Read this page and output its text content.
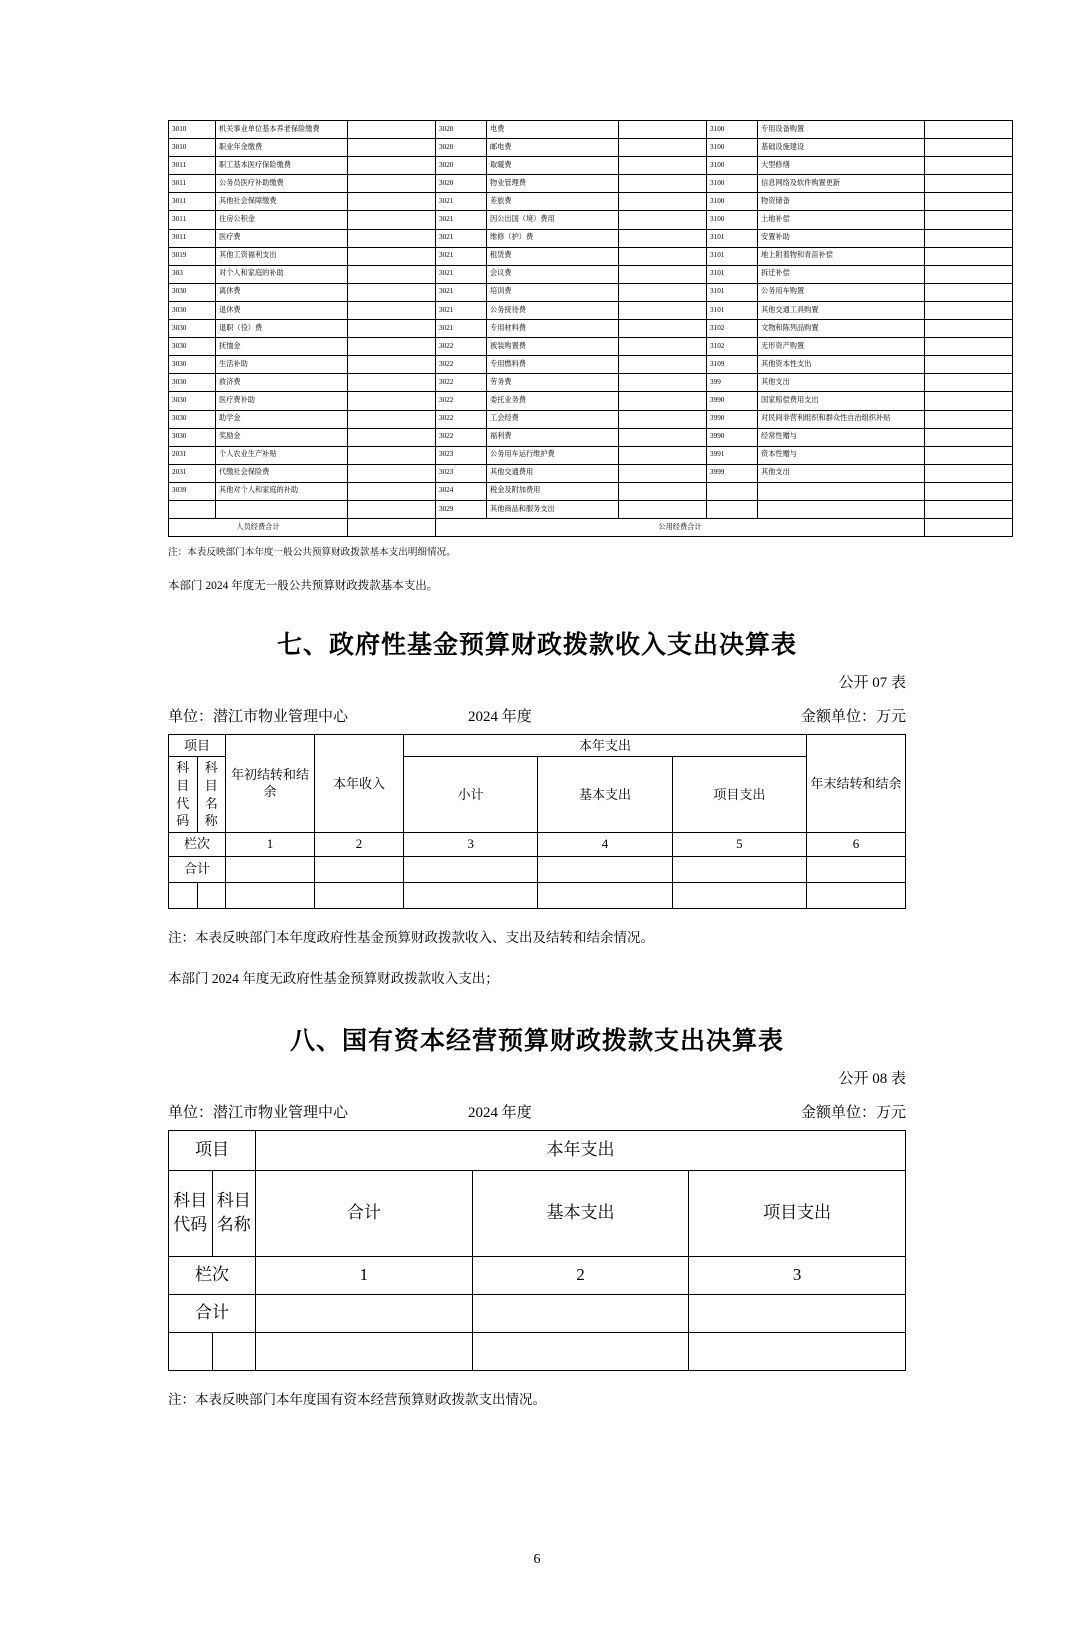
3010	机关事业单位基本养老保险缴费		3020	电费		3100	专用设备购置	
3010	职业年金缴费		3020	邮电费		3100	基础设施建设	
3011	职工基本医疗保险缴费		3020	取暖费		3100	大型修缮	
3011	公务员医疗补助缴费		3020	物业管理费		3100	信息网络及软件购置更新	
3011	其他社会保障缴费		3021	差旅费		3100	物资储备	
3011	住房公积金		3021	因公出国（境）费用		3100	土地补偿	
3011	医疗费		3021	维修（护）费		3101	安置补助	
3019	其他工资福利支出		3021	租赁费		3101	地上附着物和青苗补偿	
303	对个人和家庭的补助		3021	会议费		3101	拆迁补偿	
3030	离休费		3021	培训费		3101	公务用车购置	
3030	退休费		3021	公务接待费		3101	其他交通工具购置	
3030	退职（役）费		3021	专用材料费		3102	文物和陈列品购置	
3030	抚恤金		3022	被装购置费		3102	无形资产购置	
3030	生活补助		3022	专用燃料费		3109	其他资本性支出	
3030	救济费		3022	劳务费		399	其他支出	
3030	医疗费补助		3022	委托业务费		3990	国家赔偿费用支出	
3030	助学金		3022	工会经费		3990	对民间非营利组织和群众性自治组织补贴	
3030	奖励金		3022	福利费		3990	经常性赠与	
2031	个人农业生产补贴		3023	公务用车运行维护费		3991	资本性赠与	
2031	代缴社会保险费		3023	其他交通费用		3999	其他支出	
3039	其他对个人和家庭的补助		3024	税金及附加费用				
			3029	其他商品和服务支出				
人员经费合计			公用经费合计					

注：本表反映部门本年度一般公共预算财政拨款基本支出明细情况。

本部门 2024 年度无一般公共预算财政拨款基本支出。

七、政府性基金预算财政拨款收入支出决算表
公开 07 表
单位：潜江市物业管理中心	2024 年度	金额单位：万元
项目		年初结转和结余	本年收入	本年支出			年末结转和结余
科目代码	科目名称			小计	基本支出	项目支出	
栏次		1	2	3	4	5	6
合计							

注：本表反映部门本年度政府性基金预算财政拨款收入、支出及结转和结余情况。

本部门 2024 年度无政府性基金预算财政拨款收入支出；

八、国有资本经营预算财政拨款支出决算表
公开 08 表
单位：潜江市物业管理中心	2024 年度	金额单位：万元
项目		本年支出		
科目代码	科目名称	合计	基本支出	项目支出
栏次		1	2	3
合计				

注：本表反映部门本年度国有资本经营预算财政拨款支出情况。

6
